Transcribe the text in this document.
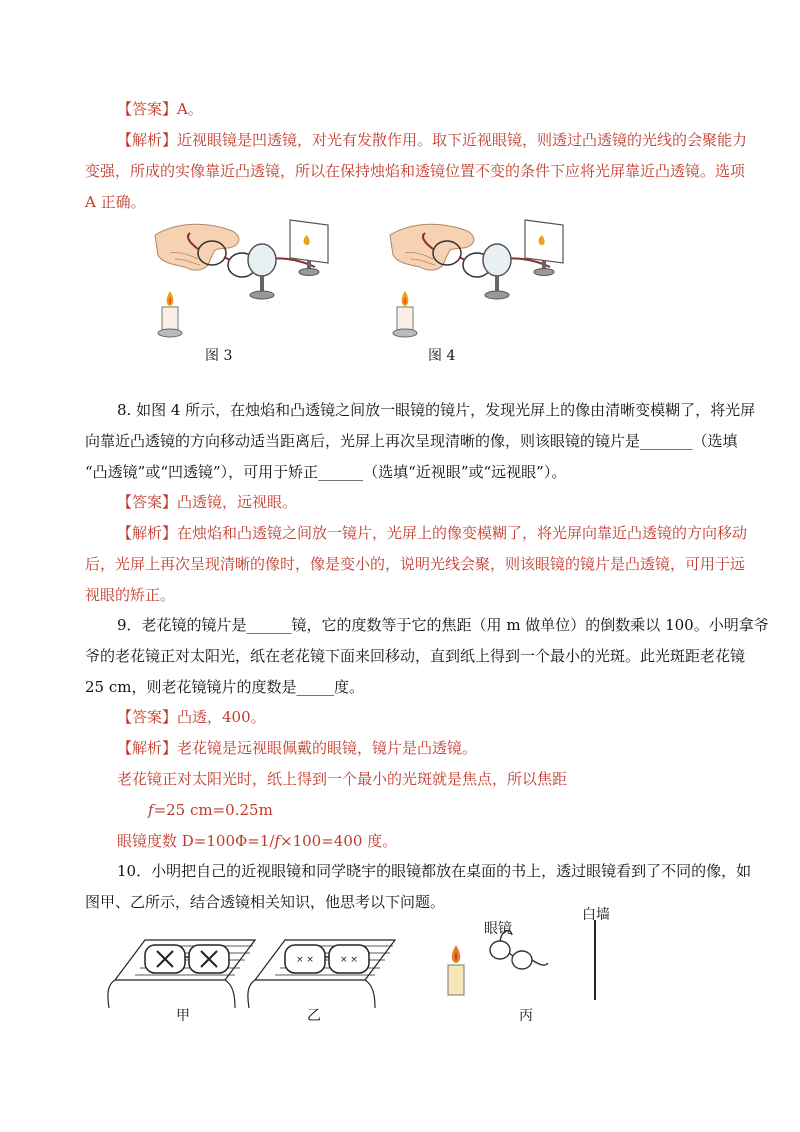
【答案】A。
【解析】近视眼镜是凹透镜，对光有发散作用。取下近视眼镜，则透过凸透镜的光线的会聚能力
变强，所成的实像靠近凸透镜，所以在保持烛焰和透镜位置不变的条件下应将光屏靠近凸透镜。选项
A 正确。
图 3	图 4
8. 如图 4 所示，在烛焰和凸透镜之间放一眼镜的镜片，发现光屏上的像由清晰变模糊了，将光屏
向靠近凸透镜的方向移动适当距离后，光屏上再次呈现清晰的像，则该眼镜的镜片是_______（选填
“凸透镜”或“凹透镜”），可用于矫正______（选填“近视眼”或“远视眼”）。
【答案】凸透镜，远视眼。
【解析】在烛焰和凸透镜之间放一镜片，光屏上的像变模糊了，将光屏向靠近凸透镜的方向移动
后，光屏上再次呈现清晰的像时，像是变小的，说明光线会聚，则该眼镜的镜片是凸透镜，可用于远
视眼的矫正。
9．老花镜的镜片是______镜，它的度数等于它的焦距（用 m 做单位）的倒数乘以 100。小明拿爷
爷的老花镜正对太阳光，纸在老花镜下面来回移动，直到纸上得到一个最小的光斑。此光斑距老花镜
25 cm，则老花镜镜片的度数是_____度。
【答案】凸透，400。
【解析】老花镜是远视眼佩戴的眼镜，镜片是凸透镜。
老花镜正对太阳光时，纸上得到一个最小的光斑就是焦点，所以焦距
f=25 cm=0.25m
眼镜度数 D=100Φ=1/f×100=400 度。
10．小明把自己的近视眼镜和同学晓宇的眼镜都放在桌面的书上，透过眼镜看到了不同的像，如
图甲、乙所示，结合透镜相关知识，他思考以下问题。
甲
× ×	× ×
乙
眼镜
白墙
丙
